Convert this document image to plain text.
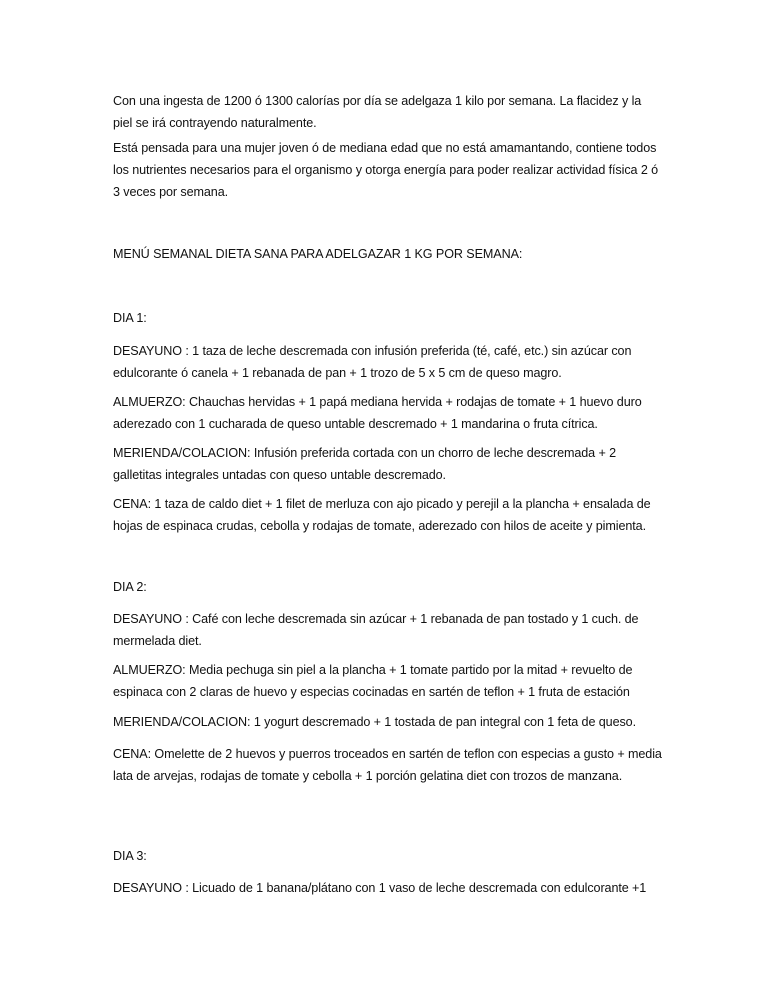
Con una ingesta de 1200 ó 1300 calorías por día se adelgaza 1 kilo por semana. La flacidez y la piel se irá contrayendo naturalmente.

Está pensada para una mujer joven ó de mediana edad que no está amamantando, contiene todos los nutrientes necesarios para el organismo y otorga energía para poder realizar actividad física 2 ó 3 veces por semana.

MENÚ SEMANAL DIETA SANA PARA ADELGAZAR 1 KG POR SEMANA:

DIA 1:

DESAYUNO : 1 taza de leche descremada con infusión preferida (té, café, etc.) sin azúcar con edulcorante ó canela + 1 rebanada de pan + 1 trozo de 5 x 5 cm de queso magro.

ALMUERZO: Chauchas hervidas + 1 papá mediana hervida + rodajas de tomate + 1 huevo duro aderezado con 1 cucharada de queso untable descremado + 1 mandarina o fruta cítrica.

MERIENDA/COLACION: Infusión preferida cortada con un chorro de leche descremada + 2 galletitas integrales untadas con queso untable descremado.

CENA: 1 taza de caldo diet + 1 filet de merluza con ajo picado y perejil a la plancha + ensalada de hojas de espinaca crudas, cebolla y rodajas de tomate, aderezado con hilos de aceite y pimienta.

DIA 2:

DESAYUNO : Café con leche descremada sin azúcar + 1 rebanada de pan tostado y 1 cuch. de mermelada diet.

ALMUERZO: Media pechuga sin piel a la plancha + 1 tomate partido por la mitad + revuelto de espinaca con 2 claras de huevo y especias cocinadas en sartén de teflon + 1 fruta de estación

MERIENDA/COLACION: 1 yogurt descremado + 1 tostada de pan integral con 1 feta de queso.

CENA: Omelette de 2 huevos y puerros troceados en sartén de teflon con especias a gusto + media lata de arvejas, rodajas de tomate y cebolla + 1 porción gelatina diet con trozos de manzana.

DIA 3:

DESAYUNO : Licuado de 1 banana/plátano con 1 vaso de leche descremada con edulcorante +1
